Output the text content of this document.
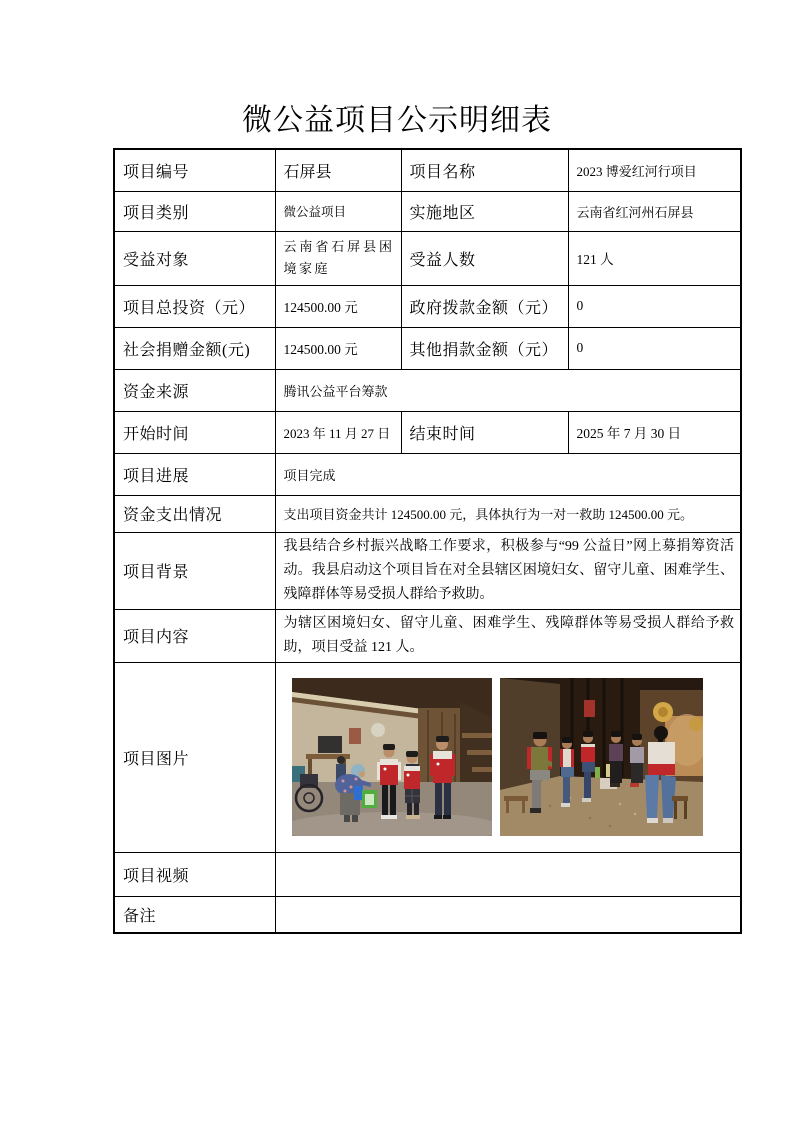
微公益项目公示明细表
项目编号	石屏县	项目名称	2023 博爱红河行项目
项目类别	微公益项目	实施地区	云南省红河州石屏县
受益对象	云南省石屏县困境家庭	受益人数	121 人
项目总投资（元）	124500.00 元	政府拨款金额（元）	0
社会捐赠金额(元)	124500.00 元	其他捐款金额（元）	0
资金来源	腾讯公益平台筹款		
开始时间	2023 年 11 月 27 日	结束时间	2025 年 7 月 30 日
项目进展	项目完成		
资金支出情况	支出项目资金共计 124500.00 元，具体执行为一对一救助 124500.00 元。		
项目背景	我县结合乡村振兴战略工作要求，积极参与“99 公益日”网上募捐筹资活动。我县启动这个项目旨在对全县辖区困境妇女、留守儿童、困难学生、残障群体等易受损人群给予救助。		
项目内容	为辖区困境妇女、留守儿童、困难学生、残障群体等易受损人群给予救助，项目受益 121 人。		
项目图片	

项目视频			
备注			
